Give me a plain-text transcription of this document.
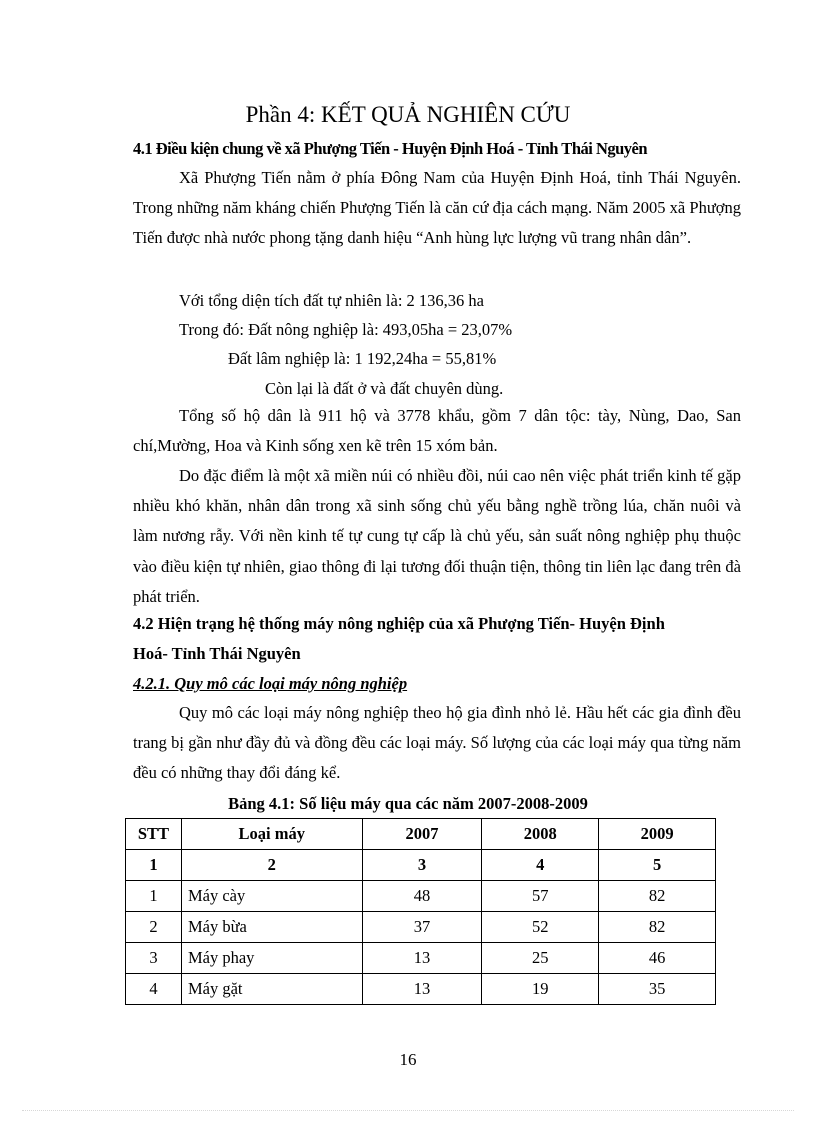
Phần 4: KẾT QUẢ NGHIÊN CỨU
4.1 Điều kiện chung về xã Phượng Tiến - Huyện Định Hoá - Tỉnh Thái Nguyên
Xã Phượng Tiến nằm ở phía Đông Nam của Huyện Định Hoá, tỉnh Thái Nguyên. Trong những năm kháng chiến Phượng Tiến là căn cứ địa cách mạng. Năm 2005 xã Phượng Tiến được nhà nước phong tặng danh hiệu “Anh hùng lực lượng vũ trang nhân dân”.
Với tổng diện tích đất tự nhiên là: 2 136,36 ha
Trong đó: Đất nông nghiệp là: 493,05ha = 23,07%
Đất lâm nghiệp là: 1 192,24ha = 55,81%
Còn lại là đất ở và đất chuyên dùng.
Tổng số hộ dân là 911 hộ và 3778 khẩu, gồm 7 dân tộc: tày, Nùng, Dao, San chí,Mường, Hoa và Kinh sống xen kẽ trên 15 xóm bản.
Do đặc điểm là một xã miền núi có nhiều đồi, núi cao nên việc phát triển kinh tế gặp nhiều khó khăn, nhân dân trong xã sinh sống chủ yếu bằng nghề trồng lúa, chăn nuôi và làm nương rẫy. Với nền kinh tế tự cung tự cấp là chủ yếu, sản suất nông nghiệp phụ thuộc vào điều kiện tự nhiên, giao thông đi lại tương đối thuận tiện, thông tin liên lạc đang trên đà phát triển.
4.2 Hiện trạng hệ thống máy nông nghiệp của xã Phượng Tiến- Huyện Định
Hoá- Tỉnh Thái Nguyên
4.2.1. Quy mô các loại máy nông nghiệp
Quy mô các loại máy nông nghiệp theo hộ gia đình nhỏ lẻ. Hầu hết các gia đình đều trang bị gần như đầy đủ và đồng đều các loại máy. Số lượng của các loại máy qua từng năm đều có những thay đổi đáng kể.
Bảng 4.1: Số liệu máy qua các năm 2007-2008-2009
STT	Loại máy	2007	2008	2009
1	2	3	4	5
1	Máy cày	48	57	82
2	Máy bừa	37	52	82
3	Máy phay	13	25	46
4	Máy gặt	13	19	35
16
